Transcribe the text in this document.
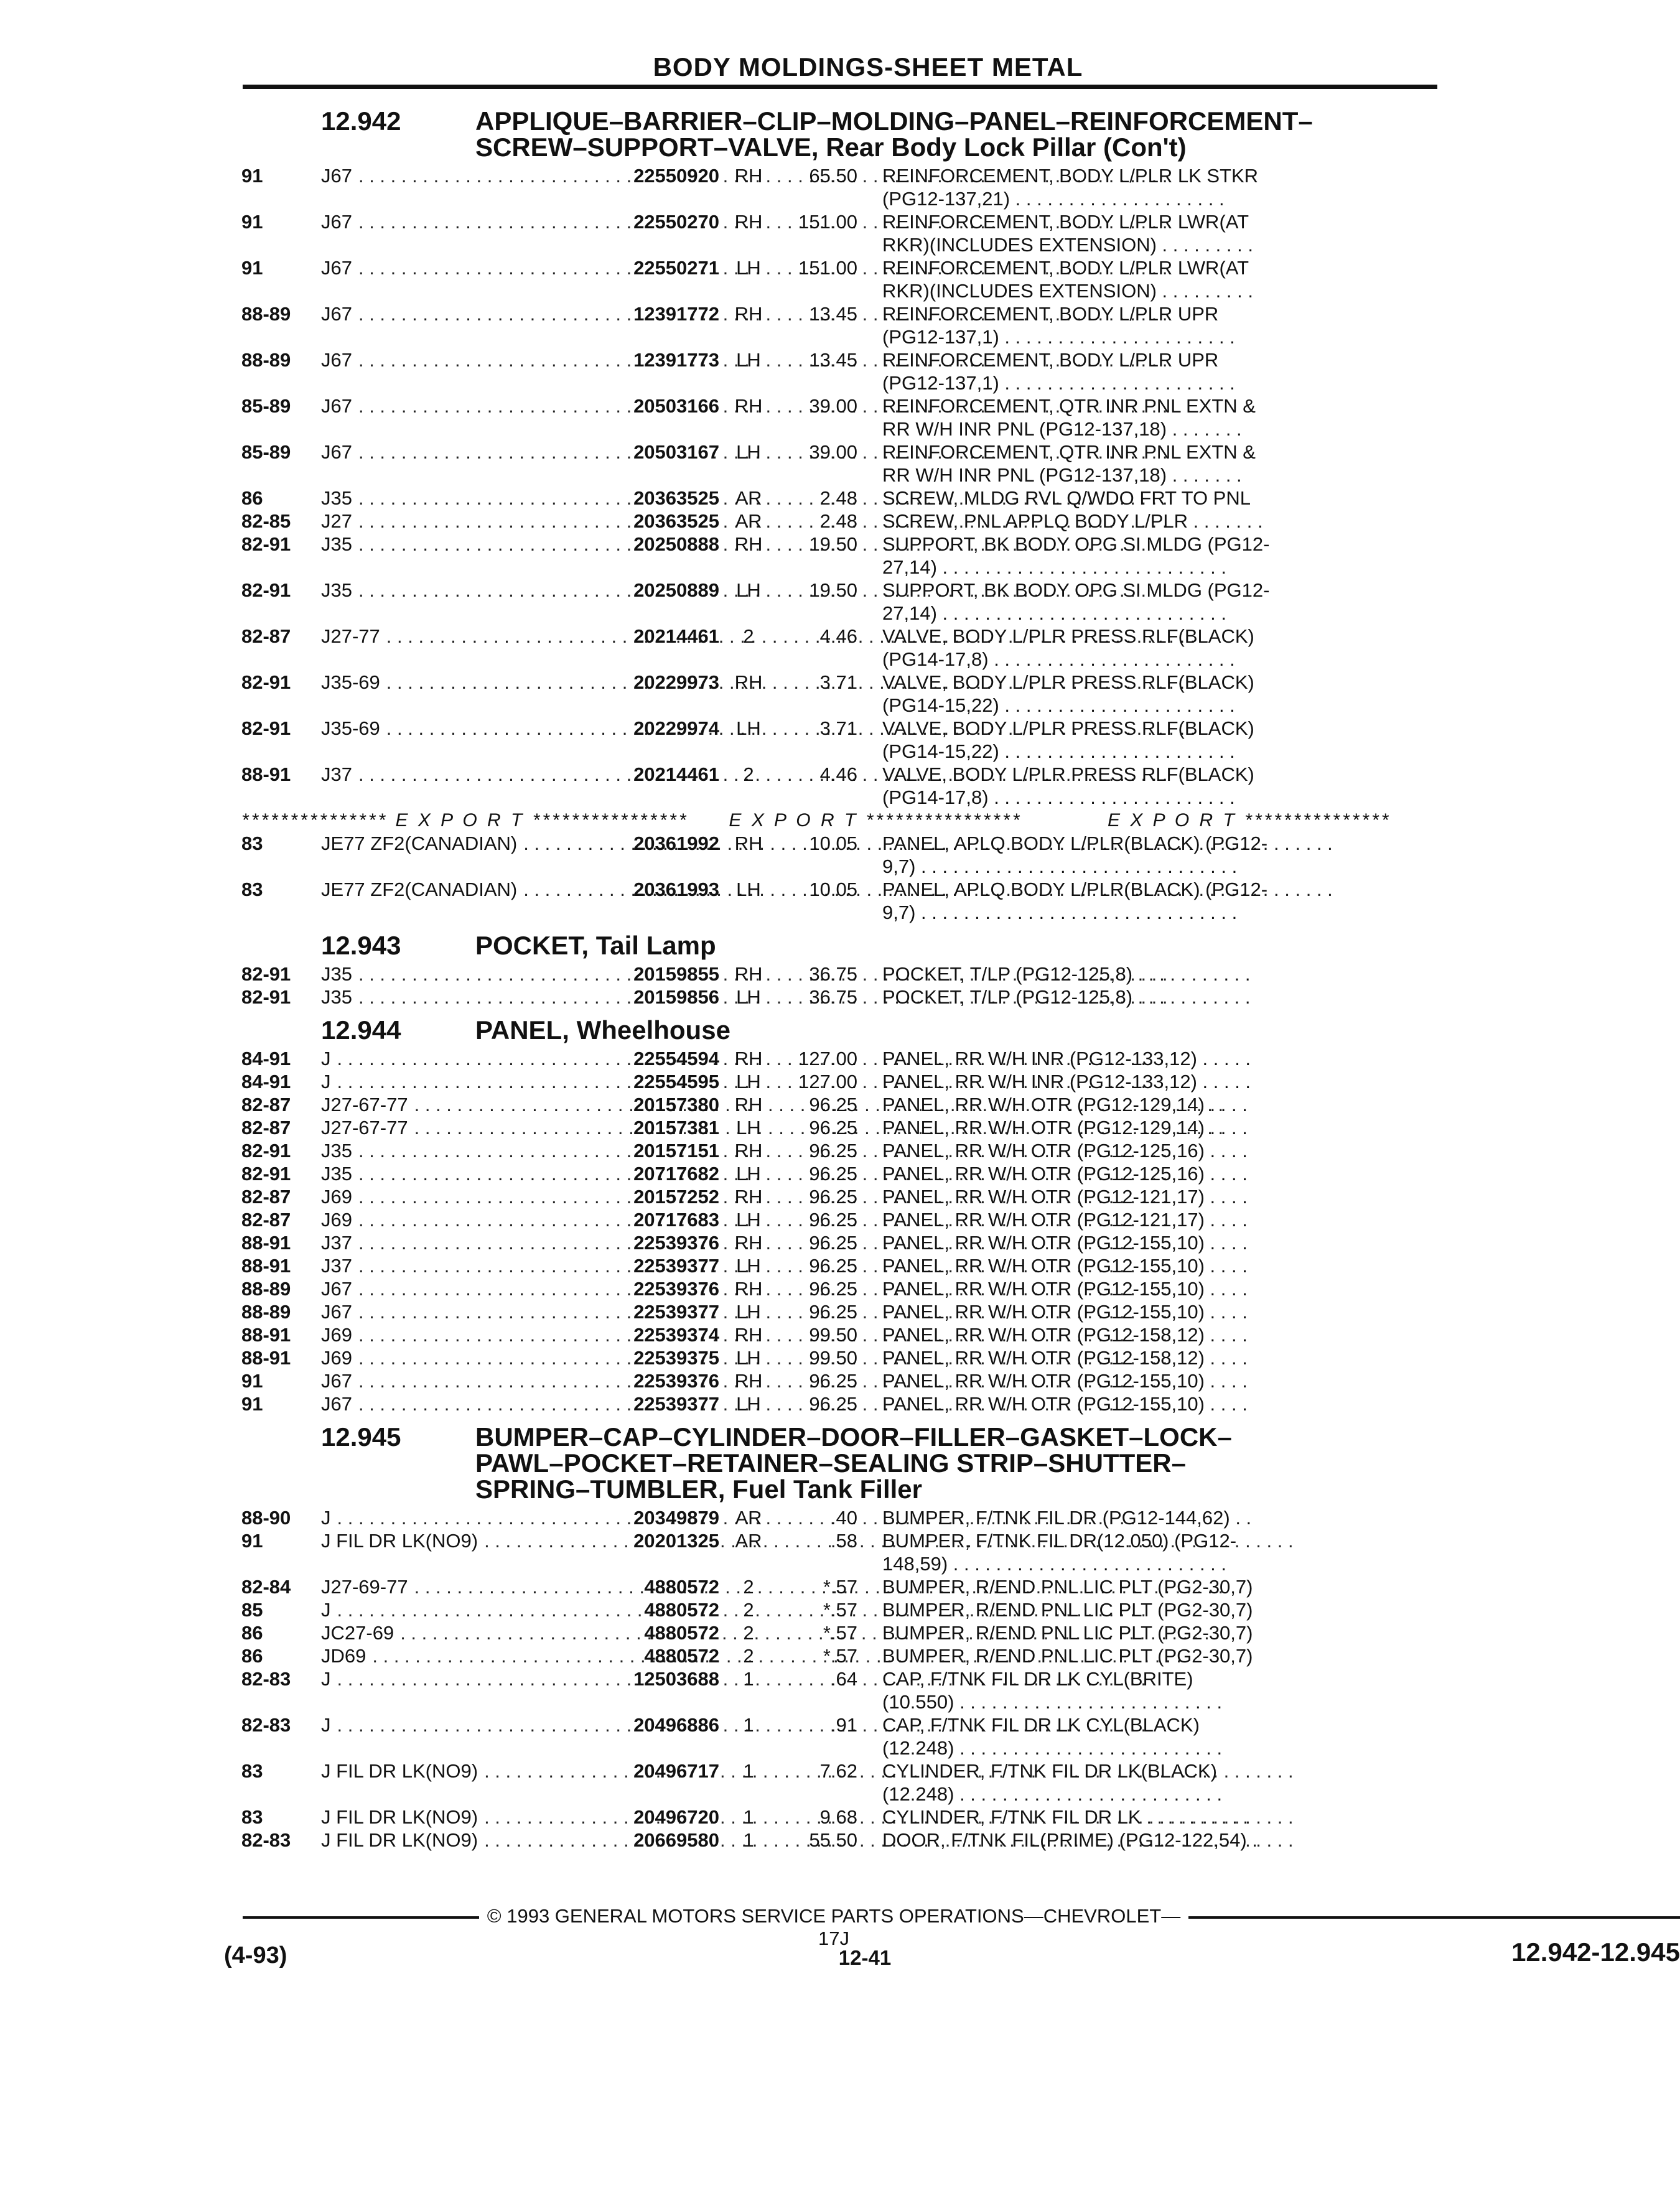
BODY MOLDINGS-SHEET METAL
12.942	APPLIQUE–BARRIER–CLIP–MOLDING–PANEL–REINFORCEMENT–
SCREW–SUPPORT–VALVE, Rear Body Lock Pillar (Con't)
91	J67 . . .	22550920 RH	65.50 REINFORCEMENT, BODY L/PLR LK STKR
(PG12-137,21) . . . . . . . . . . . . . . . . . . . .
91	J67 . . .	22550270 RH	151.00 REINFORCEMENT, BODY L/PLR LWR(AT
RKR)(INCLUDES EXTENSION) . . . . . . . . .
91	J67 . . .	22550271 LH	151.00 REINFORCEMENT, BODY L/PLR LWR(AT
RKR)(INCLUDES EXTENSION) . . . . . . . . .
88-89	J67 . . .	12391772 RH	13.45 REINFORCEMENT, BODY L/PLR UPR
(PG12-137,1) . . . . . . . . . . . . . . . . . . . . . .
88-89	J67 . . .	12391773 LH	13.45 REINFORCEMENT, BODY L/PLR UPR
(PG12-137,1) . . . . . . . . . . . . . . . . . . . . . .
85-89	J67 . . .	20503166 RH	39.00 REINFORCEMENT, QTR INR PNL EXTN &
RR W/H INR PNL (PG12-137,18) . . . . . . .
85-89	J67 . . .	20503167 LH	39.00 REINFORCEMENT, QTR INR PNL EXTN &
RR W/H INR PNL (PG12-137,18) . . . . . . .
86	J35 . . .	20363525 AR	2.48 SCREW, MLDG RVL Q/WDO FRT TO PNL
82-85	J27 . . .	20363525 AR	2.48 SCREW, PNL APPLQ BODY L/PLR . . . . . . .
82-91	J35 . . .	20250888 RH	19.50 SUPPORT, BK BODY OPG SI MLDG (PG12-
27,14) . . . . . . . . . . . . . . . . . . . . . . . . . . .
82-91	J35 . . .	20250889 LH	19.50 SUPPORT, BK BODY OPG SI MLDG (PG12-
27,14) . . . . . . . . . . . . . . . . . . . . . . . . . . .
82-87	J27-77 . . .	20214461	2	4.46 VALVE, BODY L/PLR PRESS RLF(BLACK)
(PG14-17,8) . . . . . . . . . . . . . . . . . . . . . . .
82-91	J35-69 . . .	20229973 RH	3.71 VALVE, BODY L/PLR PRESS RLF(BLACK)
(PG14-15,22) . . . . . . . . . . . . . . . . . . . . . .
82-91	J35-69 . . .	20229974 LH	3.71 VALVE, BODY L/PLR PRESS RLF(BLACK)
(PG14-15,22) . . . . . . . . . . . . . . . . . . . . . .
88-91	J37 . . .	20214461	2	4.46 VALVE, BODY L/PLR PRESS RLF(BLACK)
(PG14-17,8) . . . . . . . . . . . . . . . . . . . . . . .
*************** E X P O R T ****************	E X P O R T ****************	E X P O R T ***************
83	JE77 ZF2(CANADIAN) . . .	20361992 RH	10.05 PANEL, APLQ BODY L/PLR(BLACK) (PG12-
9,7) . . . . . . . . . . . . . . . . . . . . . . . . . . . . . .
83	JE77 ZF2(CANADIAN) . . .	20361993 LH	10.05 PANEL, APLQ BODY L/PLR(BLACK) (PG12-
9,7) . . . . . . . . . . . . . . . . . . . . . . . . . . . . . .
12.943	POCKET, Tail Lamp
82-91	J35 . . .	20159855 RH	36.75 POCKET, T/LP (PG12-125,8) . . . . . . . . . . .
82-91	J35 . . .	20159856 LH	36.75 POCKET, T/LP (PG12-125,8) . . . . . . . . . . .
12.944	PANEL, Wheelhouse
84-91	J . . .	22554594 RH	127.00 PANEL, RR W/H INR (PG12-133,12) . . . . .
84-91	J . . .	22554595 LH	127.00 PANEL, RR W/H INR (PG12-133,12) . . . . .
82-87	J27-67-77 . . .	20157380 RH	96.25 PANEL, RR W/H OTR (PG12-129,14) . . . .
82-87	J27-67-77 . . .	20157381 LH	96.25 PANEL, RR W/H OTR (PG12-129,14) . . . .
82-91	J35 . . .	20157151 RH	96.25 PANEL, RR W/H OTR (PG12-125,16) . . . .
82-91	J35 . . .	20717682 LH	96.25 PANEL, RR W/H OTR (PG12-125,16) . . . .
82-87	J69 . . .	20157252 RH	96.25 PANEL, RR W/H OTR (PG12-121,17) . . . .
82-87	J69 . . .	20717683 LH	96.25 PANEL, RR W/H OTR (PG12-121,17) . . . .
88-91	J37 . . .	22539376 RH	96.25 PANEL, RR W/H OTR (PG12-155,10) . . . .
88-91	J37 . . .	22539377 LH	96.25 PANEL, RR W/H OTR (PG12-155,10) . . . .
88-89	J67 . . .	22539376 RH	96.25 PANEL, RR W/H OTR (PG12-155,10) . . . .
88-89	J67 . . .	22539377 LH	96.25 PANEL, RR W/H OTR (PG12-155,10) . . . .
88-91	J69 . . .	22539374 RH	99.50 PANEL, RR W/H OTR (PG12-158,12) . . . .
88-91	J69 . . .	22539375 LH	99.50 PANEL, RR W/H OTR (PG12-158,12) . . . .
91	J67 . . .	22539376 RH	96.25 PANEL, RR W/H OTR (PG12-155,10) . . . .
91	J67 . . .	22539377 LH	96.25 PANEL, RR W/H OTR (PG12-155,10) . . . .
12.945	BUMPER–CAP–CYLINDER–DOOR–FILLER–GASKET–LOCK–
PAWL–POCKET–RETAINER–SEALING STRIP–SHUTTER–
SPRING–TUMBLER, Fuel Tank Filler
88-90	J . . .	20349879 AR	.40 BUMPER, F/TNK FIL DR (PG12-144,62) . .
91	J FIL DR LK(NO9) . . .	20201325 AR	.58 BUMPER, F/TNK FIL DR(12.050) (PG12-
148,59) . . . . . . . . . . . . . . . . . . . . . . . . . .
82-84	J27-69-77 . . .	4880572	2	*.57 BUMPER, R/END PNL LIC PLT (PG2-30,7)
85	J . . .	4880572	2	*.57 BUMPER, R/END PNL LIC PLT (PG2-30,7)
86	JC27-69 . . .	4880572	2	*.57 BUMPER, R/END PNL LIC PLT (PG2-30,7)
86	JD69 . . .	4880572	2	*.57 BUMPER, R/END PNL LIC PLT (PG2-30,7)
82-83	J . . .	12503688	1	.64 CAP, F/TNK FIL DR LK CYL(BRITE)
(10.550) . . . . . . . . . . . . . . . . . . . . . . . . .
82-83	J . . .	20496886	1	.91 CAP, F/TNK FIL DR LK CYL(BLACK)
(12.248) . . . . . . . . . . . . . . . . . . . . . . . . .
83	J FIL DR LK(NO9) . . .	20496717	1	7.62 CYLINDER, F/TNK FIL DR LK(BLACK)
(12.248) . . . . . . . . . . . . . . . . . . . . . . . . .
83	J FIL DR LK(NO9) . . .	20496720	1	9.68 CYLINDER, F/TNK FIL DR LK . . . . . . . . . .
82-83	J FIL DR LK(NO9) . . .	20669580	1	55.50 DOOR, F/TNK FIL(PRIME) (PG12-122,54) .
© 1993 GENERAL MOTORS SERVICE PARTS OPERATIONS—CHEVROLET—17J
(4-93)	12-41	12.942-12.945
